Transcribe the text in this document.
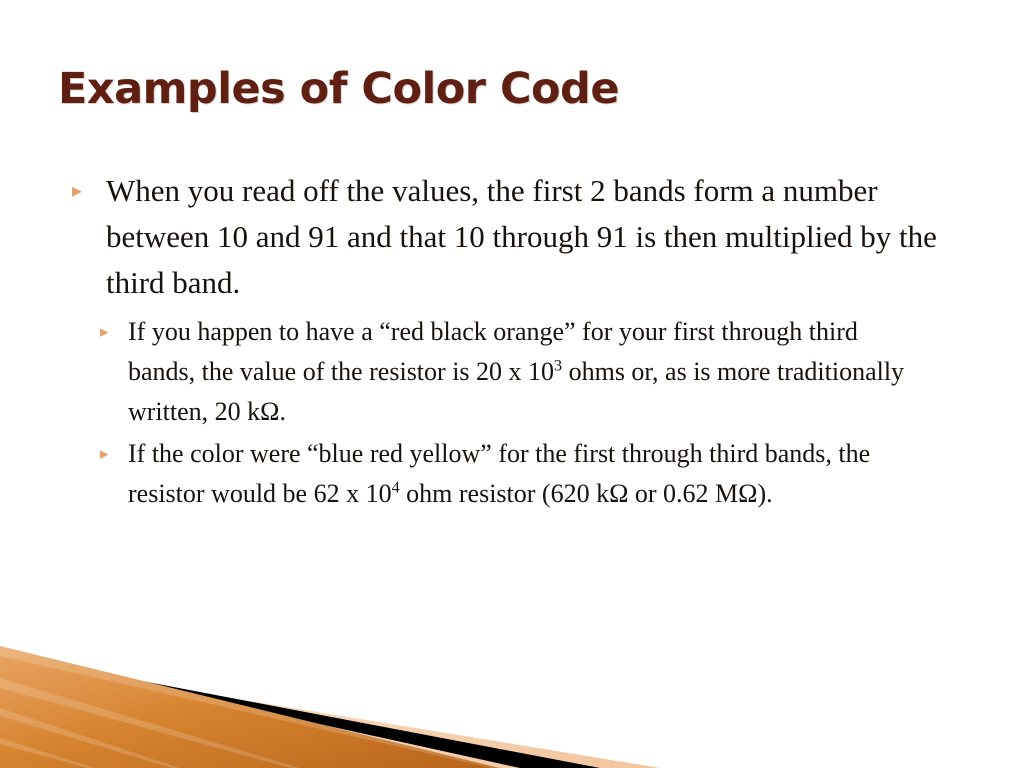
Examples of Color Code
▸ When you read off the values, the first 2 bands form a number between 10 and 91 and that 10 through 91 is then multiplied by the third band.
▸ If you happen to have a “red black orange” for your first through third bands, the value of the resistor is 20 x $10^3$ ohms or, as is more traditionally written, 20 kΩ.
▸ If the color were “blue red yellow” for the first through third bands, the resistor would be 62 x $10^4$ ohm resistor (620 kΩ or 0.62 MΩ).
